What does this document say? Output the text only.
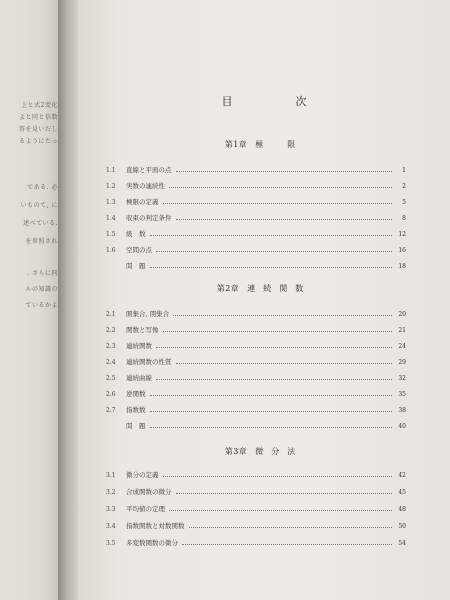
上と式2変化
よと同と信数
答を見いだし
るようにたっ
である. 必
いものて, に
述べている.
を参照され
. さらに同
ルの知識の
ているかよ
目　次
第1章 極　限
1.1	直線と平面の点	1
1.2	実数の連続性	2
1.3	極限の定義	5
1.4	収束の判定条件	8
1.5	級　数	12
1.6	空間の点	16
問　題	18
第2章 連続関数
2.1	開集合, 閉集合	20
2.2	関数と写像	21
2.3	連続関数	24
2.4	連続関数の性質	29
2.5	連続曲線	32
2.6	逆関数	35
2.7	指数数	38
問　題	40
第3章 微分法
3.1	微分の定義	42
3.2	合成関数の微分	45
3.3	平均値の定理	48
3.4	指数関数と対数関数	50
3.5	多変数関数の微分	54
